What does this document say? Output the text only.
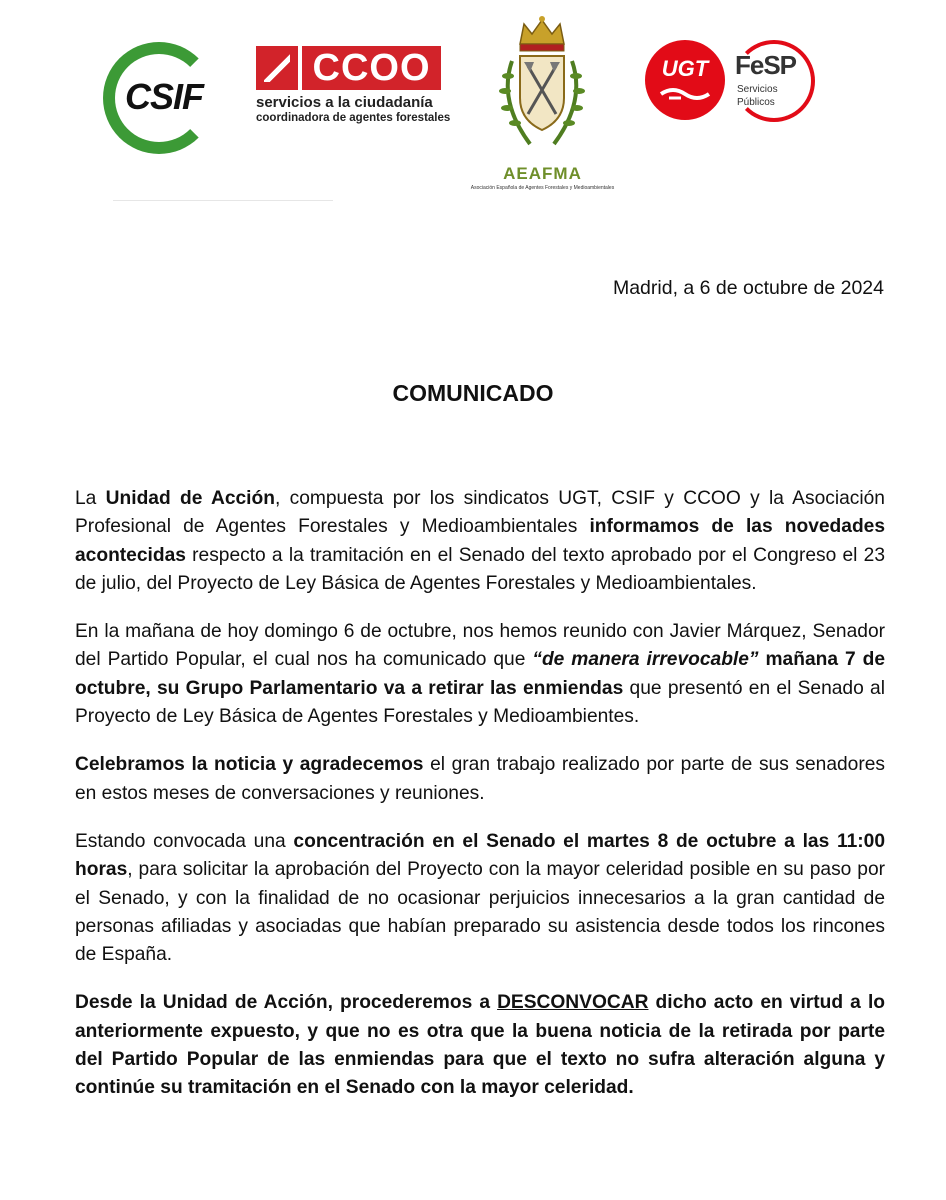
CSIF
CCOO
servicios a la ciudadanía
coordinadora de agentes forestales
AEAFMA
Asociación Española de Agentes Forestales y Medioambientales
UGT	FeSP
Servicios
Públicos
Madrid, a 6 de octubre de 2024
COMUNICADO

La Unidad de Acción, compuesta por los sindicatos UGT, CSIF y CCOO y la Asociación Profesional de Agentes Forestales y Medioambientales informamos de las novedades acontecidas respecto a la tramitación en el Senado del texto aprobado por el Congreso el 23 de julio, del Proyecto de Ley Básica de Agentes Forestales y Medioambientales.

En la mañana de hoy domingo 6 de octubre, nos hemos reunido con Javier Márquez, Senador del Partido Popular, el cual nos ha comunicado que “de manera irrevocable” mañana 7 de octubre, su Grupo Parlamentario va a retirar las enmiendas que presentó en el Senado al Proyecto de Ley Básica de Agentes Forestales y Medioambientes.

Celebramos la noticia y agradecemos el gran trabajo realizado por parte de sus senadores en estos meses de conversaciones y reuniones.

Estando convocada una concentración en el Senado el martes 8 de octubre a las 11:00 horas, para solicitar la aprobación del Proyecto con la mayor celeridad posible en su paso por el Senado, y con la finalidad de no ocasionar perjuicios innecesarios a la gran cantidad de personas afiliadas y asociadas que habían preparado su asistencia desde todos los rincones de España.

Desde la Unidad de Acción, procederemos a DESCONVOCAR dicho acto en virtud a lo anteriormente expuesto, y que no es otra que la buena noticia de la retirada por parte del Partido Popular de las enmiendas para que el texto no sufra alteración alguna y continúe su tramitación en el Senado con la mayor celeridad.
